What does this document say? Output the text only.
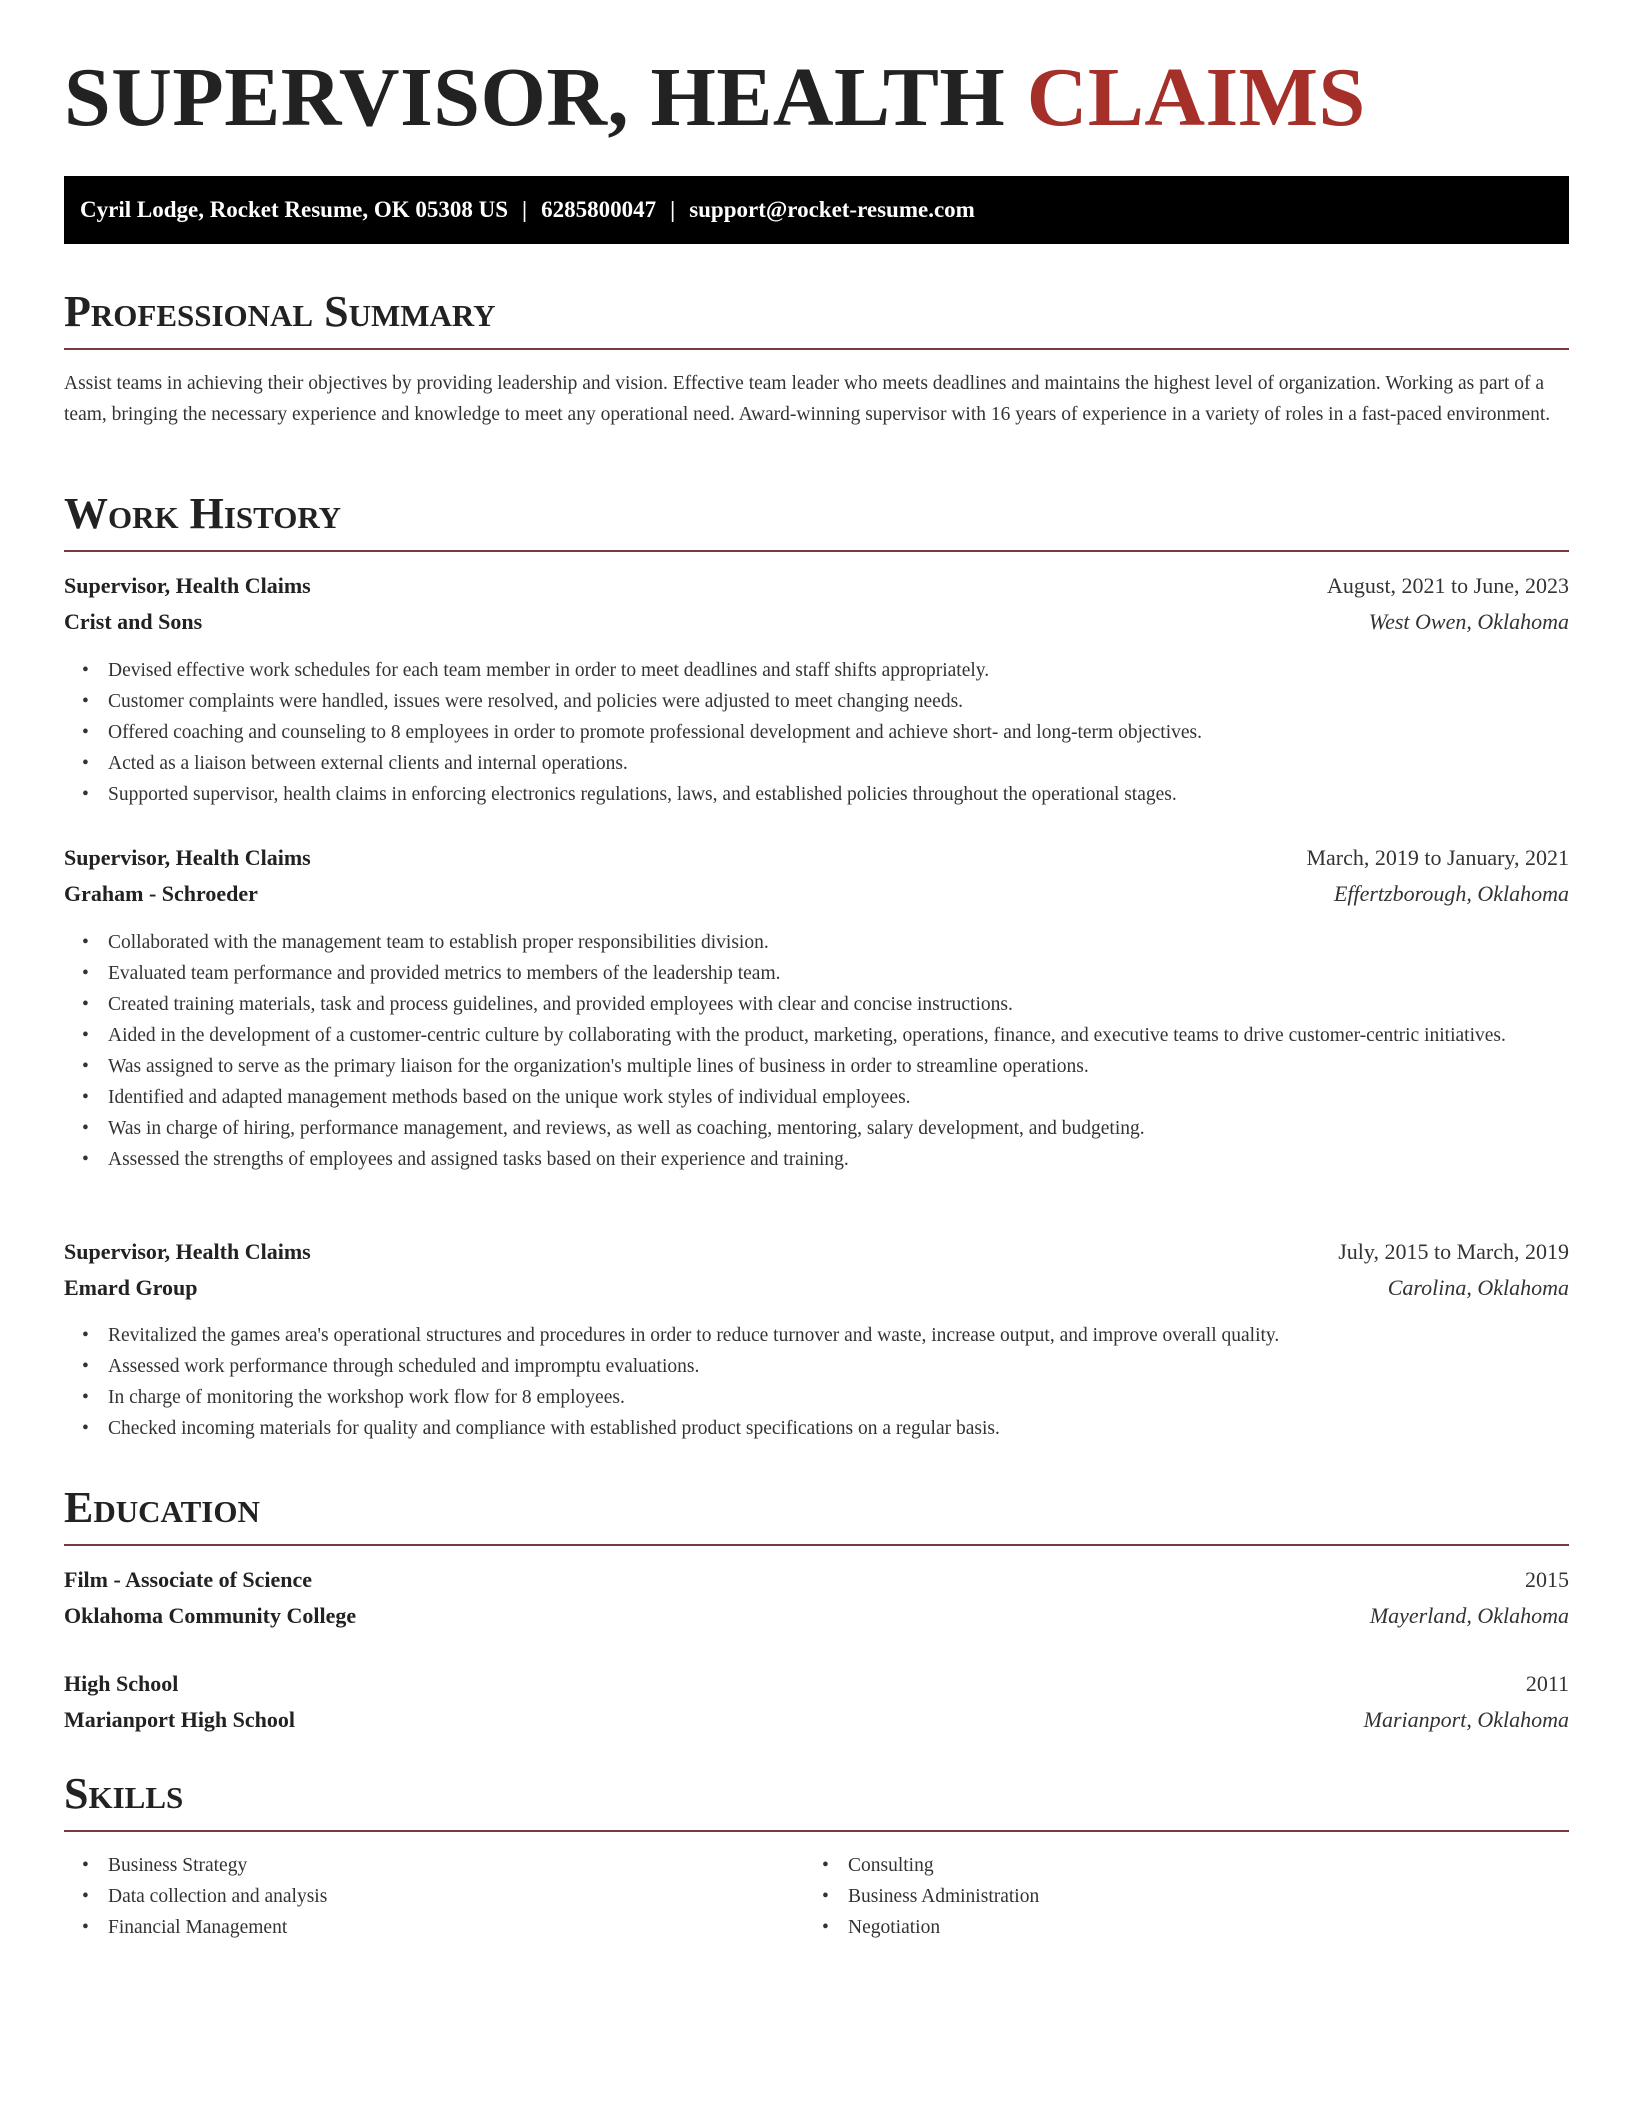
SUPERVISOR, HEALTH CLAIMS
Cyril Lodge, Rocket Resume, OK 05308 US | 6285800047 | support@rocket-resume.com
Professional Summary
Assist teams in achieving their objectives by providing leadership and vision. Effective team leader who meets deadlines and maintains the highest level of organization. Working as part of a team, bringing the necessary experience and knowledge to meet any operational need. Award-winning supervisor with 16 years of experience in a variety of roles in a fast-paced environment.
Work History
Supervisor, Health Claims	August, 2021 to June, 2023
Crist and Sons	West Owen, Oklahoma
• Devised effective work schedules for each team member in order to meet deadlines and staff shifts appropriately.
• Customer complaints were handled, issues were resolved, and policies were adjusted to meet changing needs.
• Offered coaching and counseling to 8 employees in order to promote professional development and achieve short- and long-term objectives.
• Acted as a liaison between external clients and internal operations.
• Supported supervisor, health claims in enforcing electronics regulations, laws, and established policies throughout the operational stages.
Supervisor, Health Claims	March, 2019 to January, 2021
Graham - Schroeder	Effertzborough, Oklahoma
• Collaborated with the management team to establish proper responsibilities division.
• Evaluated team performance and provided metrics to members of the leadership team.
• Created training materials, task and process guidelines, and provided employees with clear and concise instructions.
• Aided in the development of a customer-centric culture by collaborating with the product, marketing, operations, finance, and executive teams to drive customer-centric initiatives.
• Was assigned to serve as the primary liaison for the organization's multiple lines of business in order to streamline operations.
• Identified and adapted management methods based on the unique work styles of individual employees.
• Was in charge of hiring, performance management, and reviews, as well as coaching, mentoring, salary development, and budgeting.
• Assessed the strengths of employees and assigned tasks based on their experience and training.
Supervisor, Health Claims	July, 2015 to March, 2019
Emard Group	Carolina, Oklahoma
• Revitalized the games area's operational structures and procedures in order to reduce turnover and waste, increase output, and improve overall quality.
• Assessed work performance through scheduled and impromptu evaluations.
• In charge of monitoring the workshop work flow for 8 employees.
• Checked incoming materials for quality and compliance with established product specifications on a regular basis.
Education
Film - Associate of Science	2015
Oklahoma Community College	Mayerland, Oklahoma
High School	2011
Marianport High School	Marianport, Oklahoma
Skills
• Business Strategy
• Data collection and analysis
• Financial Management
• Consulting
• Business Administration
• Negotiation
